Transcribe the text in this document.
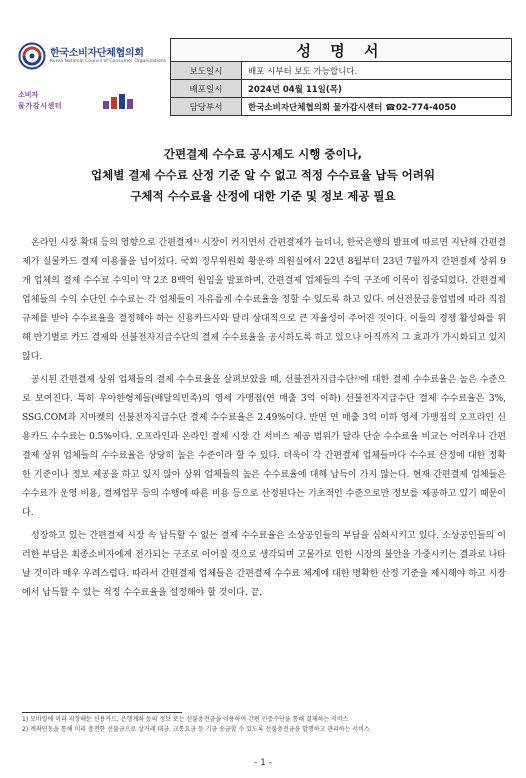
한국소비자단체협의회
Korea National Council of Consumer Organizations
소비자
물가감시센터
성 명 서	
보도일시	배포 시부터 보도 가능합니다.
배포일시	2024년 04월 11일(목)
담당부서	한국소비자단체협의회 물가감시센터 ☎02-774-4050
간편결제 수수료 공시제도 시행 중이나,
업체별 결제 수수료 산정 기준 알 수 없고 적정 수수료율 납득 어려워
구체적 수수료율 산정에 대한 기준 및 정보 제공 필요

온라인 시장 확대 등의 영향으로 간편결제¹⁾ 시장이 커지면서 간편결제가 늘더니, 한국은행의 발표에 따르면 지난해 간편결제가 실물카드 결제 이용률을 넘어섰다. 국회 정무위원회 황운하 의원실에서 22년 8월부터 23년 7월까지 간편결제 상위 9개 업체의 결제 수수료 수익이 약 2조 8백억 원임을 발표하며, 간편결제 업체들의 수익 구조에 이목이 집중되었다. 간편결제 업체들의 수익 수단인 수수료는 각 업체들이 자유롭게 수수료율을 정할 수 있도록 하고 있다. 여신전문금융업법에 따라 직접 규제를 받아 수수료율을 결정해야 하는 신용카드사와 달리 상대적으로 큰 자율성이 주어진 것이다. 이들의 경쟁 활성화를 위해 반기별로 카드 결제와 선불전자지급수단의 결제 수수료율을 공시하도록 하고 있으나 아직까지 그 효과가 가시화되고 있지 않다.

공시된 간편결제 상위 업체들의 결제 수수료율을 살펴보았을 때, 선불전자지급수단²⁾에 대한 결제 수수료율은 높은 수준으로 보여진다. 특히 우아한형제들(배달의민족)의 영세 가맹점(연 매출 3억 이하) 선불전자지급수단 결제 수수료율은 3%, SSG.COM과 지마켓의 선불전자지급수단 결제 수수료율은 2.49%이다. 반면 연 매출 3억 이하 영세 가맹점의 오프라인 신용카드 수수료는 0.5%이다. 오프라인과 온라인 결제 시장 간 서비스 제공 범위가 달라 단순 수수료율 비교는 어려우나 간편결제 상위 업체들의 수수료율은 상당히 높은 수준이라 할 수 있다. 더욱이 각 간편결제 업체들마다 수수료 산정에 대한 정확한 기준이나 정보 제공을 하고 있지 않아 상위 업체들의 높은 수수료율에 대해 납득이 가지 않는다. 현재 간편결제 업체들은 수수료가 운영 비용, 결제업무 등의 수행에 따른 비용 등으로 산정된다는 기초적인 수준으로만 정보를 제공하고 있기 때문이다.

성장하고 있는 간편결제 시장 속 납득할 수 없는 결제 수수료율은 소상공인들의 부담을 심화시키고 있다. 소상공인들의 이러한 부담은 최종소비자에게 전가되는 구조로 이어질 것으로 생각되며 고물가로 인한 시장의 불안을 가중시키는 결과로 나타날 것이라 매우 우려스럽다. 따라서 간편결제 업체들은 간편결제 수수료 체계에 대한 명확한 산정 기준을 제시해야 하고 시장에서 납득할 수 있는 적정 수수료율을 설정해야 할 것이다. 끝.

1) 모바일에 미리 저장해둔 신용카드, 은행계좌 등의 정보 또는 선불충전금을 이용하여 간편 인증수단을 통해 결제하는 서비스
2) 계좌연동을 통해 미리 충전한 선불금으로 상거래 대금, 교통요금 등 기금 송금할 수 있도록 선불충전금을 발행하고 관리하는 서비스
- 1 -
